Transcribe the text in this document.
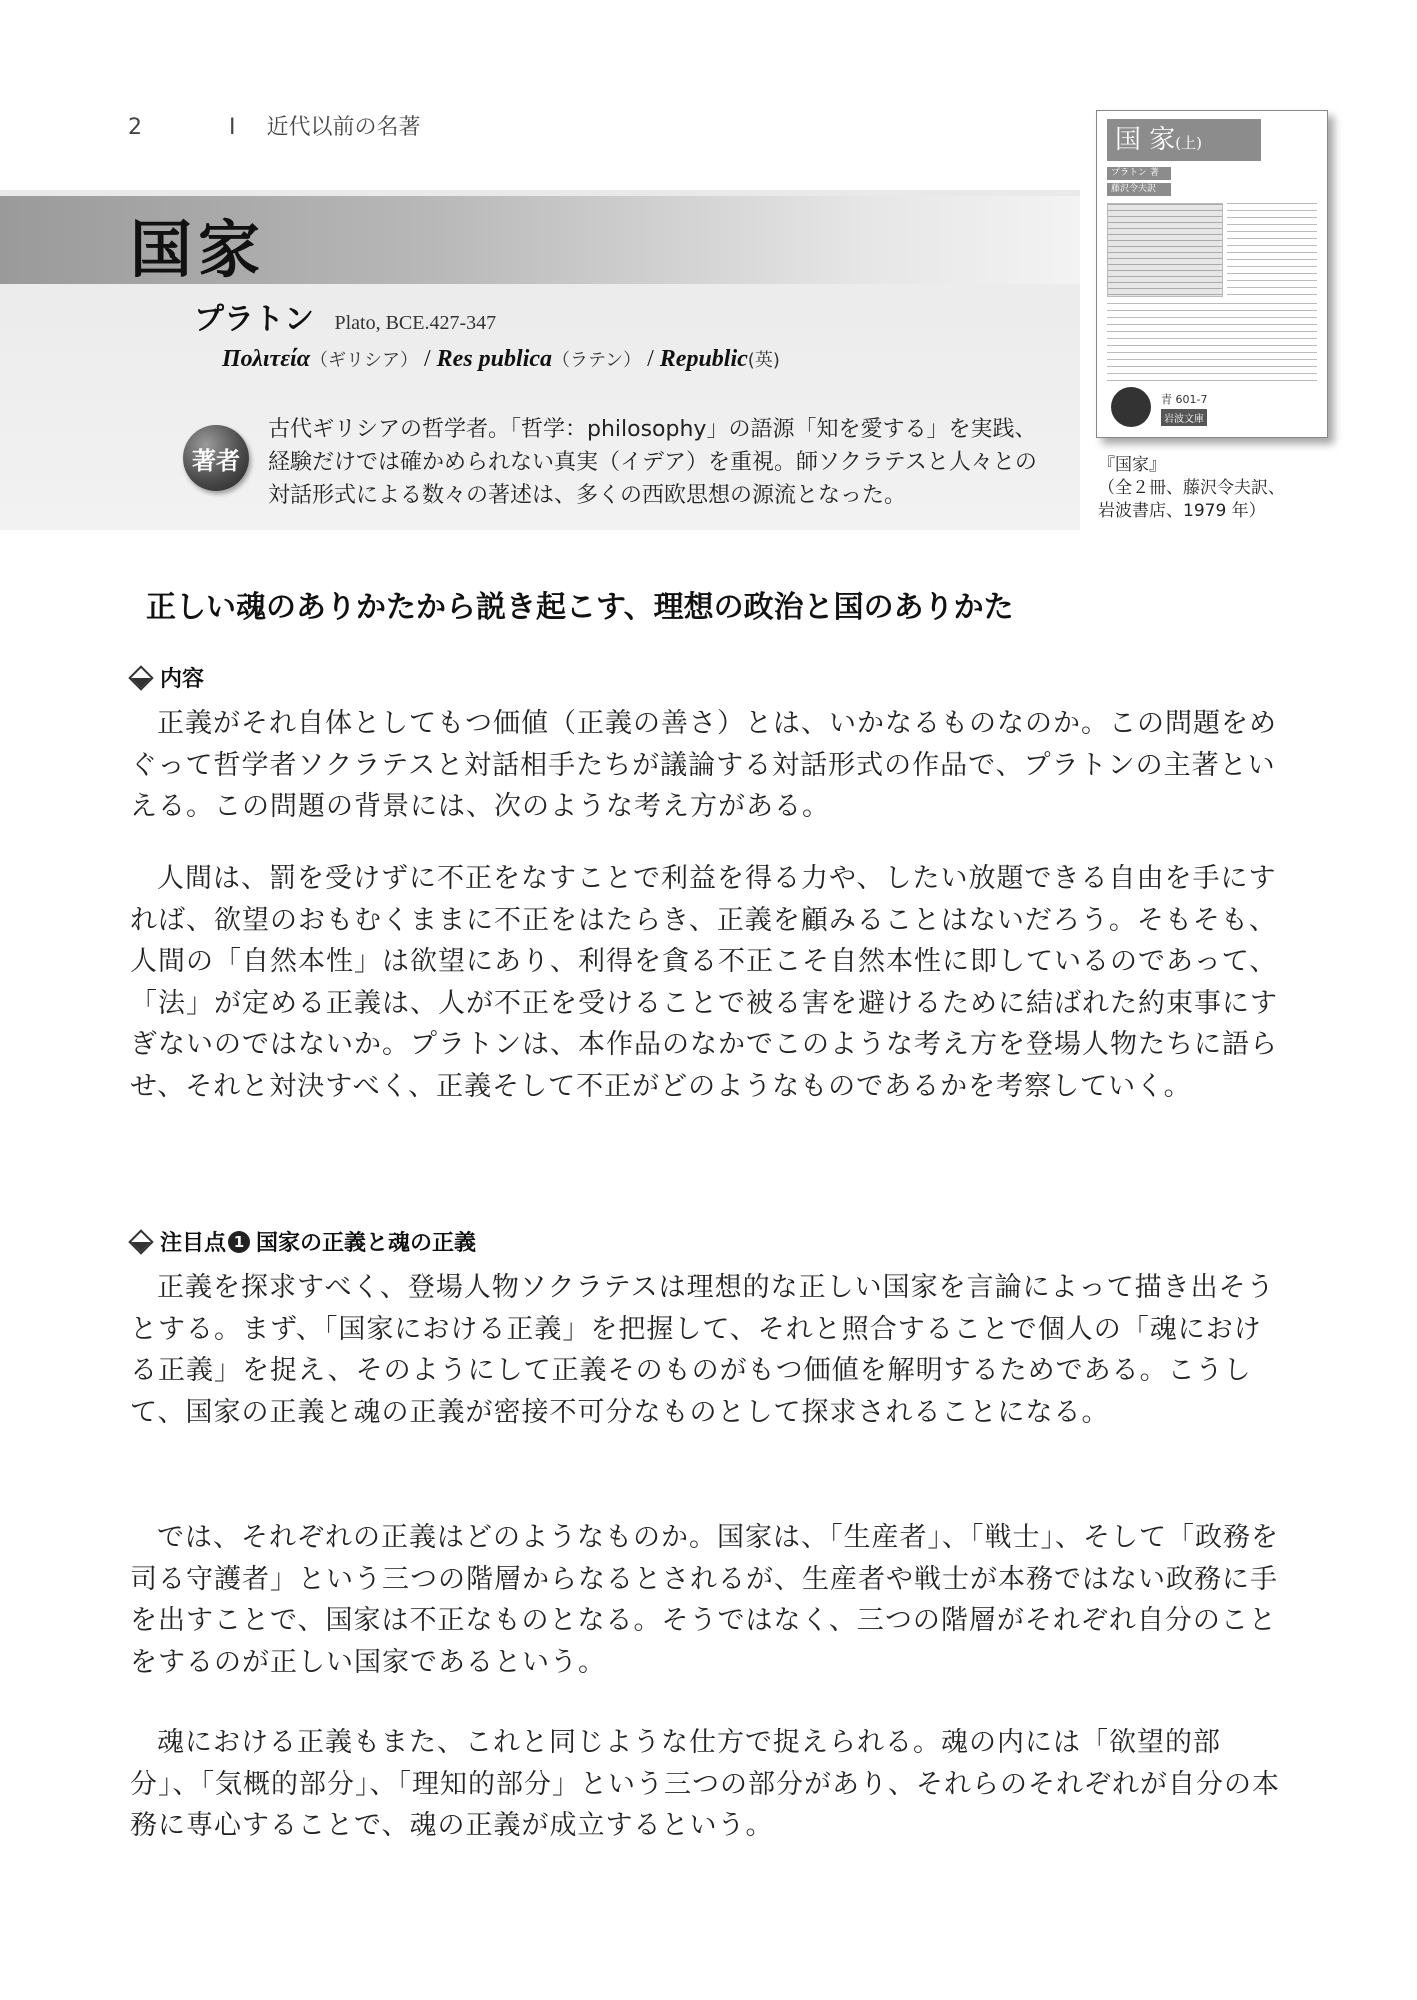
2	I 近代以前の名著
国家
プラトン Plato, BCE.427-347
Πολιτεία（ギリシア） / Res publica（ラテン） / Republic(英)
著者
古代ギリシアの哲学者。「哲学：philosophy」の語源「知を愛する」を実践、経験だけでは確かめられない真実（イデア）を重視。師ソクラテスと人々との対話形式による数々の著述は、多くの西欧思想の源流となった。
国 家(上)
プラトン 著
藤沢令夫訳
青 601-7
岩波文庫
『国家』
（全２冊、藤沢令夫訳、
岩波書店、1979 年）
正しい魂のありかたから説き起こす、理想の政治と国のありかた
内容

正義がそれ自体としてもつ価値（正義の善さ）とは、いかなるものなのか。この問題をめぐって哲学者ソクラテスと対話相手たちが議論する対話形式の作品で、プラトンの主著といえる。この問題の背景には、次のような考え方がある。

人間は、罰を受けずに不正をなすことで利益を得る力や、したい放題できる自由を手にすれば、欲望のおもむくままに不正をはたらき、正義を顧みることはないだろう。そもそも、人間の「自然本性」は欲望にあり、利得を貪る不正こそ自然本性に即しているのであって、「法」が定める正義は、人が不正を受けることで被る害を避けるために結ばれた約束事にすぎないのではないか。プラトンは、本作品のなかでこのような考え方を登場人物たちに語らせ、それと対決すべく、正義そして不正がどのようなものであるかを考察していく。

注目点 1 国家の正義と魂の正義

正義を探求すべく、登場人物ソクラテスは理想的な正しい国家を言論によって描き出そうとする。まず、「国家における正義」を把握して、それと照合することで個人の「魂における正義」を捉え、そのようにして正義そのものがもつ価値を解明するためである。こうして、国家の正義と魂の正義が密接不可分なものとして探求されることになる。

では、それぞれの正義はどのようなものか。国家は、「生産者」、「戦士」、そして「政務を司る守護者」という三つの階層からなるとされるが、生産者や戦士が本務ではない政務に手を出すことで、国家は不正なものとなる。そうではなく、三つの階層がそれぞれ自分のことをするのが正しい国家であるという。

魂における正義もまた、これと同じような仕方で捉えられる。魂の内には「欲望的部分」、「気概的部分」、「理知的部分」という三つの部分があり、それらのそれぞれが自分の本務に専心することで、魂の正義が成立するという。
